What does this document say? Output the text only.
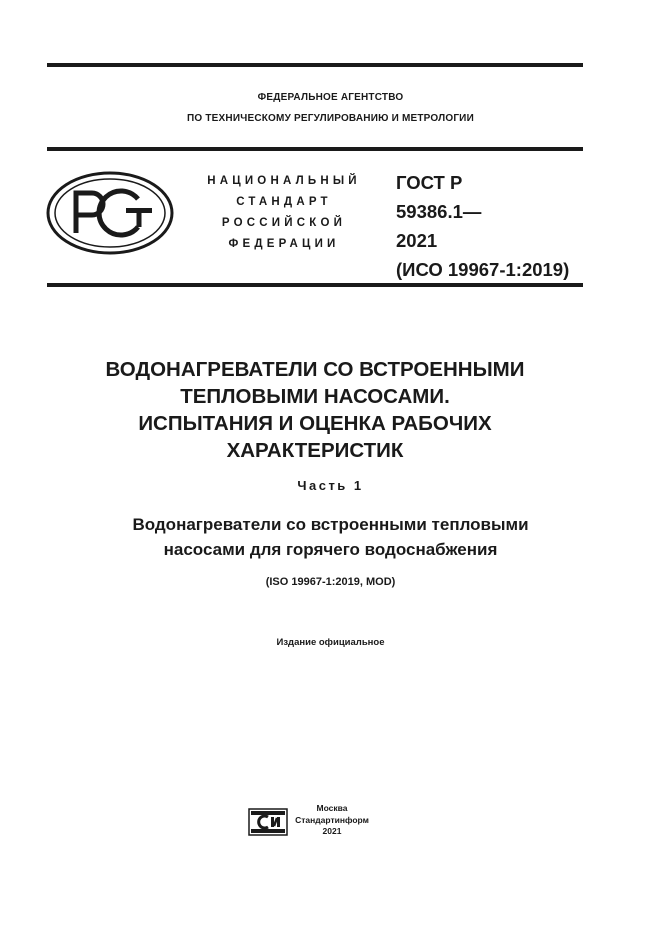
ФЕДЕРАЛЬНОЕ АГЕНТСТВО
ПО ТЕХНИЧЕСКОМУ РЕГУЛИРОВАНИЮ И МЕТРОЛОГИИ
НАЦИОНАЛЬНЫЙ
СТАНДАРТ
РОССИЙСКОЙ
ФЕДЕРАЦИИ
ГОСТ Р
59386.1—
2021
(ИСО 19967-1:2019)
ВОДОНАГРЕВАТЕЛИ СО ВСТРОЕННЫМИ
ТЕПЛОВЫМИ НАСОСАМИ.
ИСПЫТАНИЯ И ОЦЕНКА РАБОЧИХ
ХАРАКТЕРИСТИК
Часть 1
Водонагреватели со встроенными тепловыми
насосами для горячего водоснабжения
(ISO 19967-1:2019, MOD)
Издание официальное
Москва
Стандартинформ
2021
